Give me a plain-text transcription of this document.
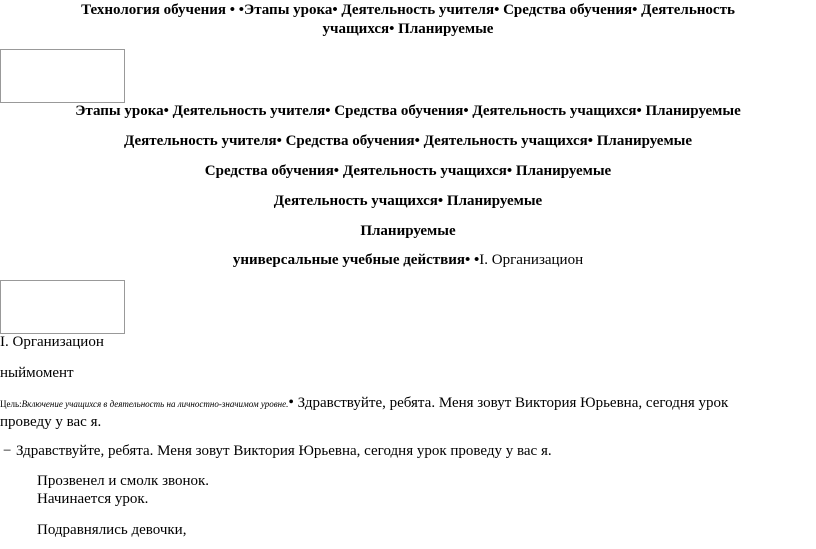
Технология обучения • •Этапы урока• Деятельность учителя• Средства обучения• Деятельность
учащихся• Планируемые
Этапы урока• Деятельность учителя• Средства обучения• Деятельность учащихся• Планируемые
Деятельность учителя• Средства обучения• Деятельность учащихся• Планируемые
Средства обучения• Деятельность учащихся• Планируемые
Деятельность учащихся• Планируемые
Планируемые
универсальные учебные действия• •I. Организацион
I. Организацион
ныймомент
Цель:Включение учащихся в деятельность на личностно-значимом уровне.• Здравствуйте, ребята. Меня зовут Виктория Юрьевна, сегодня урок
проведу у вас я.
− Здравствуйте, ребята. Меня зовут Виктория Юрьевна, сегодня урок проведу у вас я.
Прозвенел и смолк звонок.
Начинается урок.
Подравнялись девочки,
